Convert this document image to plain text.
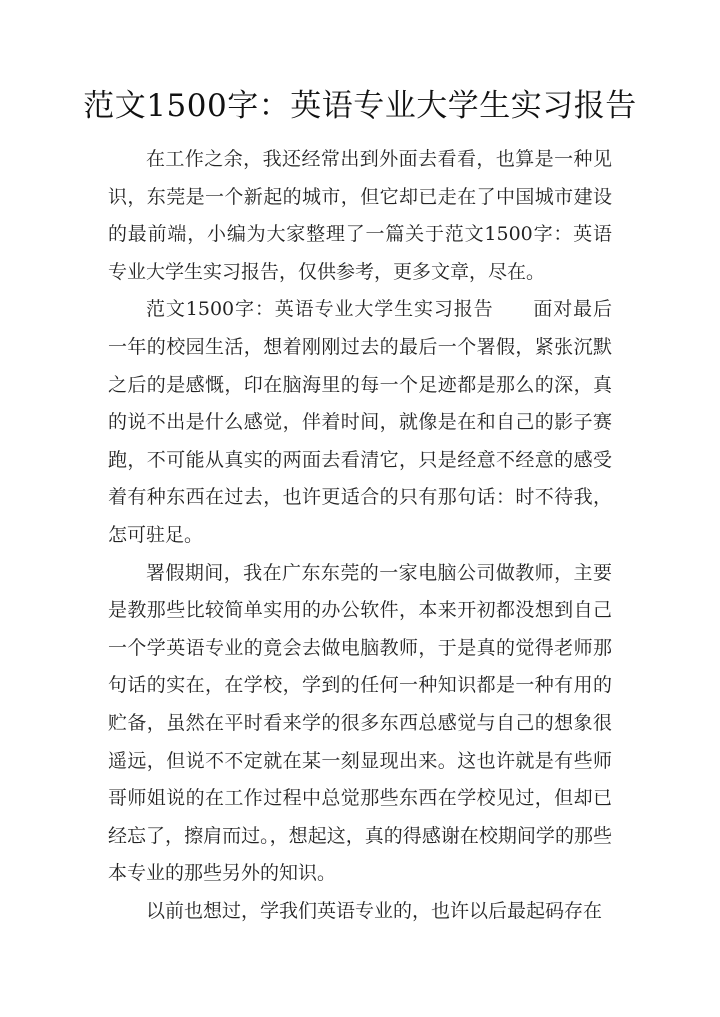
范文1500字：英语专业大学生实习报告

在工作之余，我还经常出到外面去看看，也算是一种见识，东莞是一个新起的城市，但它却已走在了中国城市建设的最前端，小编为大家整理了一篇关于范文1500字：英语专业大学生实习报告，仅供参考，更多文章，尽在。

范文1500字：英语专业大学生实习报告　　面对最后一年的校园生活，想着刚刚过去的最后一个署假，紧张沉默之后的是感慨，印在脑海里的每一个足迹都是那么的深，真的说不出是什么感觉，伴着时间，就像是在和自己的影子赛跑，不可能从真实的两面去看清它，只是经意不经意的感受着有种东西在过去，也许更适合的只有那句话：时不待我，怎可驻足。

署假期间，我在广东东莞的一家电脑公司做教师，主要是教那些比较简单实用的办公软件，本来开初都没想到自己一个学英语专业的竟会去做电脑教师，于是真的觉得老师那句话的实在，在学校，学到的任何一种知识都是一种有用的贮备，虽然在平时看来学的很多东西总感觉与自己的想象很遥远，但说不不定就在某一刻显现出来。这也许就是有些师哥师姐说的在工作过程中总觉那些东西在学校见过，但却已经忘了，擦肩而过。，想起这，真的得感谢在校期间学的那些本专业的那些另外的知识。

以前也想过，学我们英语专业的，也许以后最起码存在
